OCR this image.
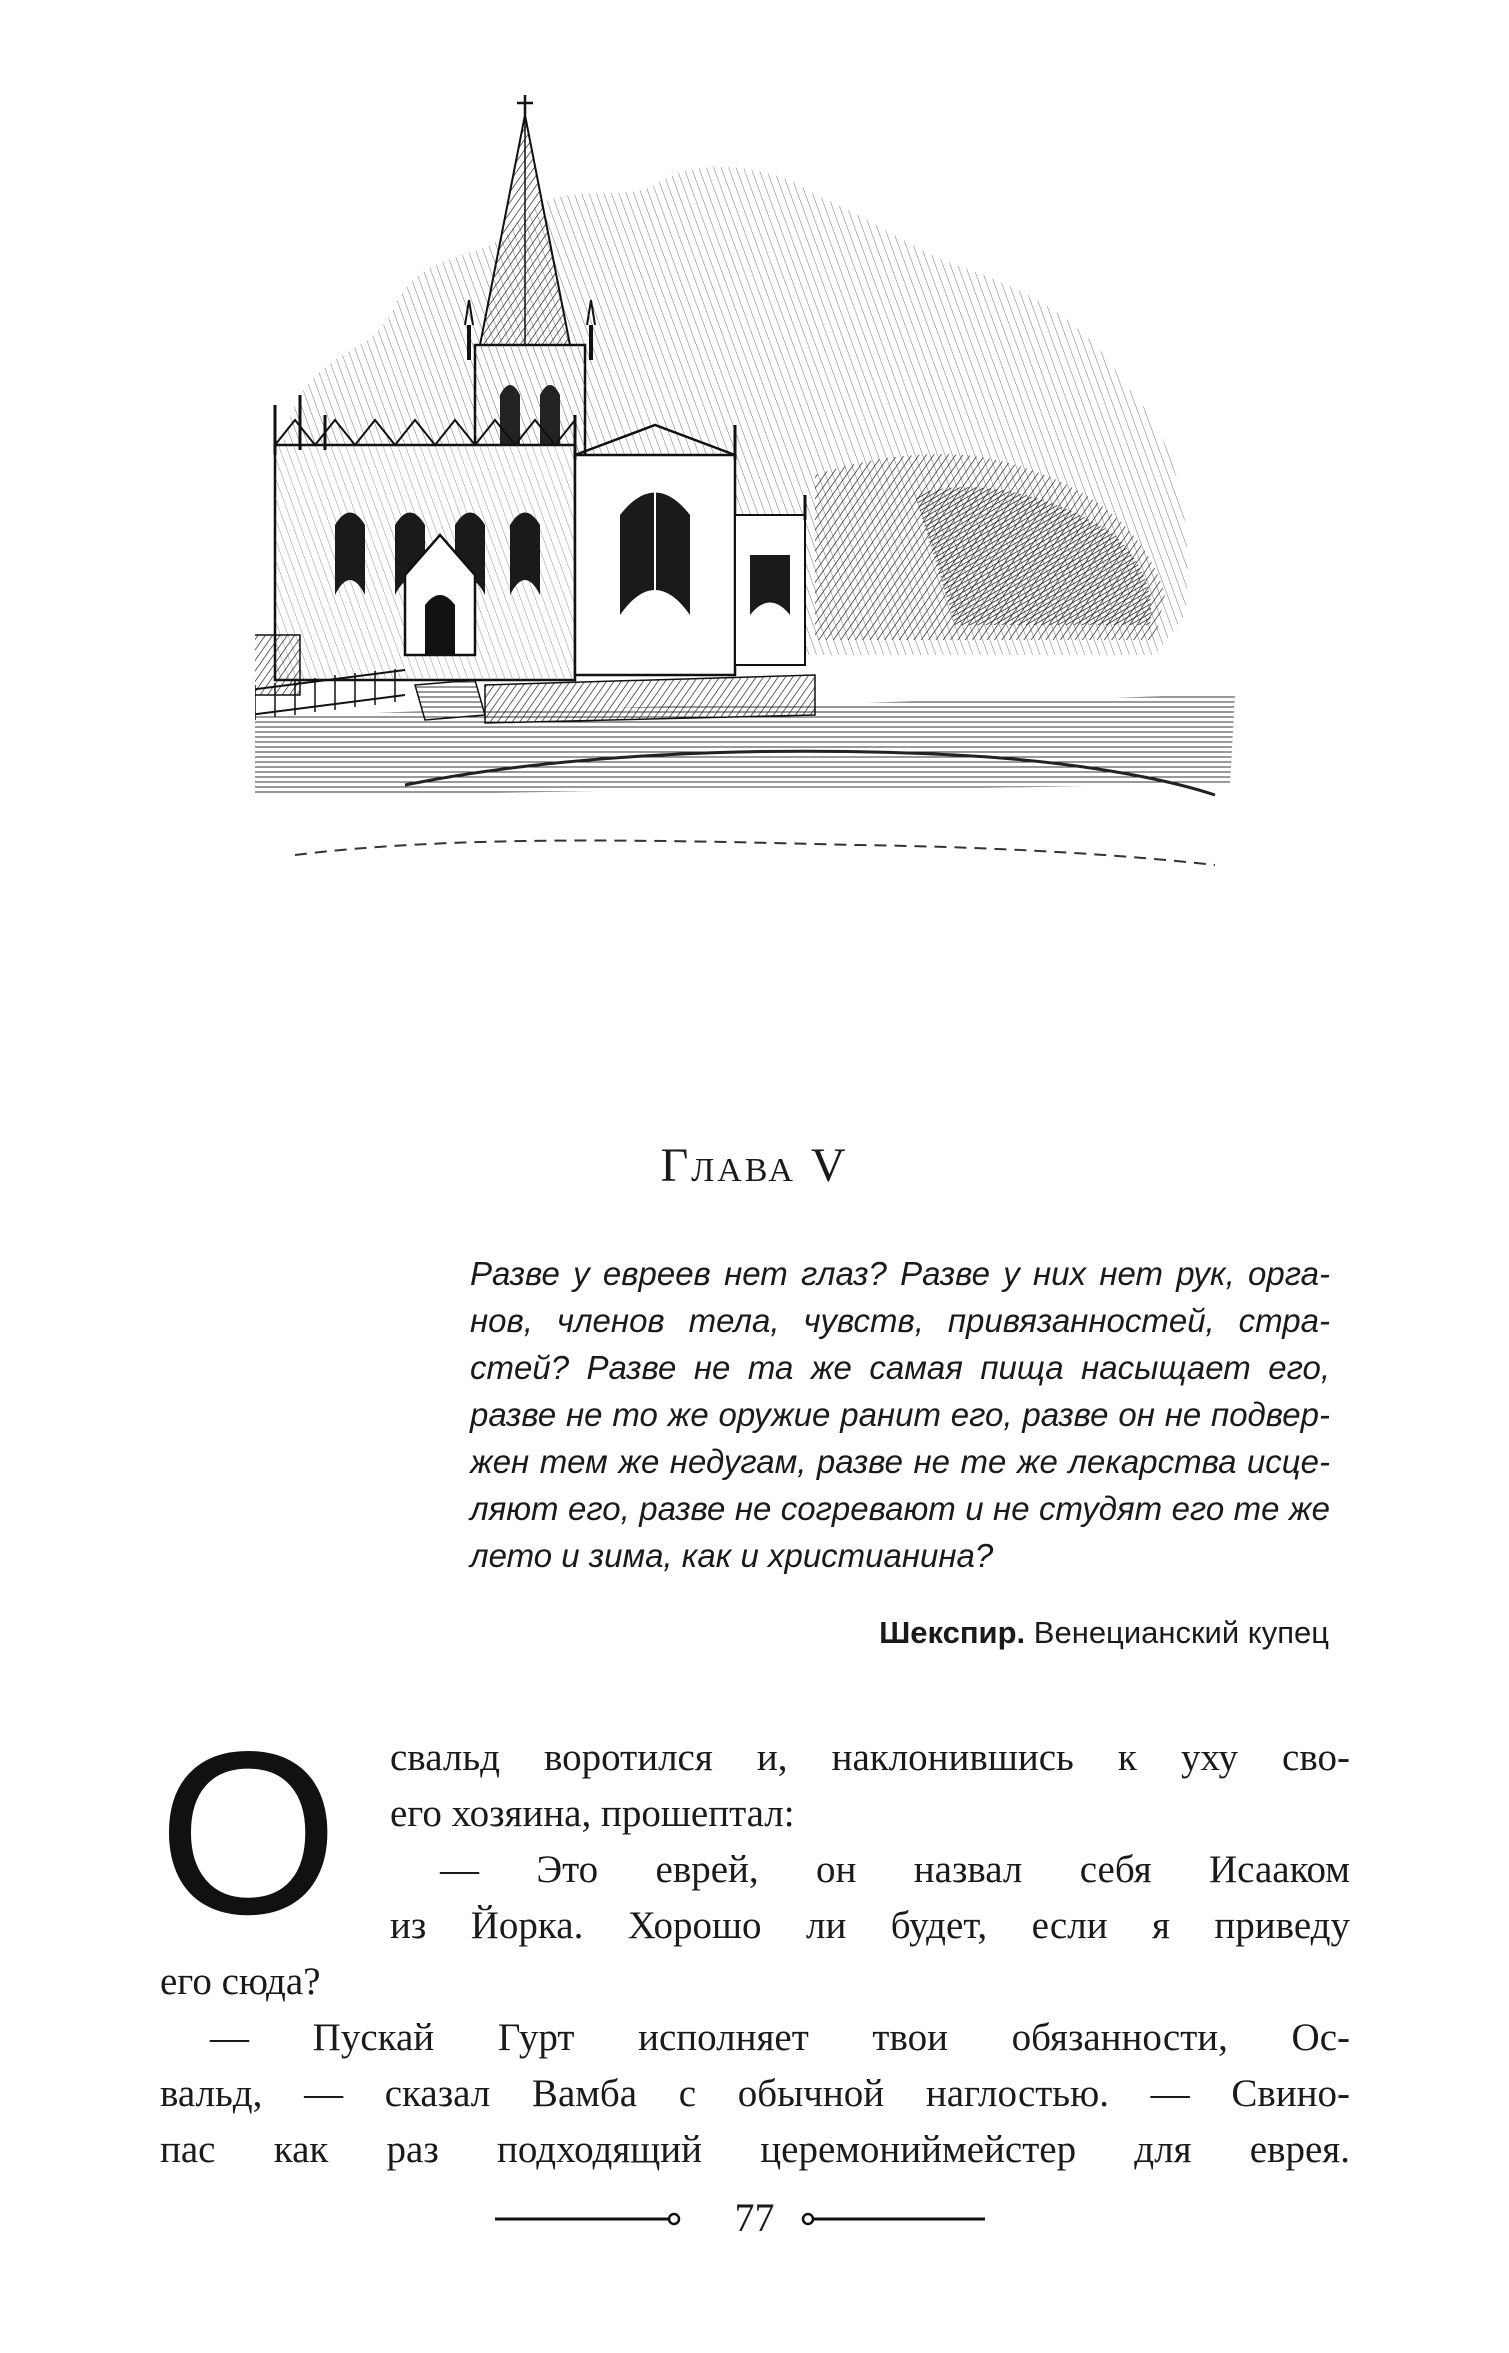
Глава V
Разве у евреев нет глаз? Разве у них нет рук, орга-
нов, членов тела, чувств, привязанностей, стра-
стей? Разве не та же самая пища насыщает его,
разве не то же оружие ранит его, разве он не подвер-
жен тем же недугам, разве не те же лекарства исце-
ляют его, разве не согревают и не студят его те же
лето и зима, как и христианина?
Шекспир. Венецианский купец
О свальд воротился и, наклонившись к уху сво-
его хозяина, прошептал:
— Это еврей, он назвал себя Исааком
из Йорка. Хорошо ли будет, если я приведу
его сюда?
— Пускай Гурт исполняет твои обязанности, Ос-
вальд, — сказал Вамба с обычной наглостью. — Свино-
пас как раз подходящий церемониймейстер для еврея.
77
